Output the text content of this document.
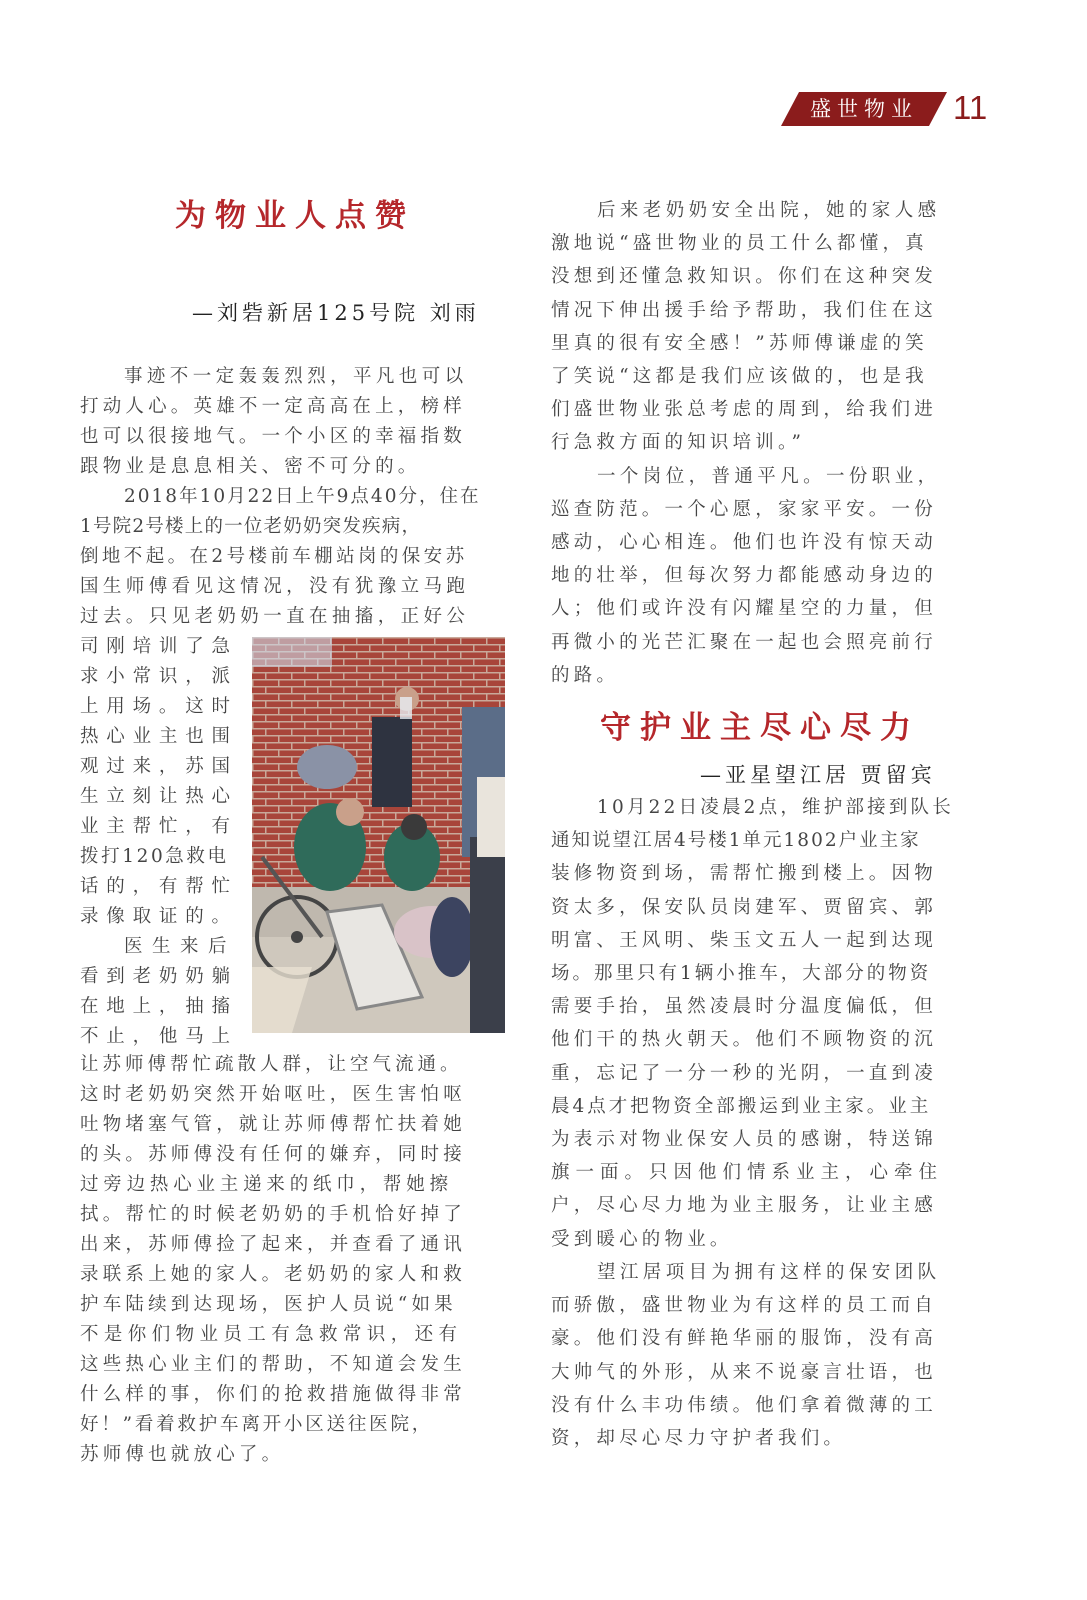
盛世物业 11
为物业人点赞
—刘砦新居125号院 刘雨
事迹不一定轰轰烈烈，平凡也可以
打动人心。英雄不一定高高在上，榜样
也可以很接地气。一个小区的幸福指数
跟物业是息息相关、密不可分的。
2018年10月22日上午9点40分，住在
1号院2号楼上的一位老奶奶突发疾病，
倒地不起。在2号楼前车棚站岗的保安苏
国生师傅看见这情况，没有犹豫立马跑
过去。只见老奶奶一直在抽搐，正好公
司刚培训了急
求小常识，派
上用场。这时
热心业主也围
观过来，苏国
生立刻让热心
业主帮忙，有
拨打120急救电
话的，有帮忙
录像取证的。
医生来后
看到老奶奶躺
在地上，抽搐
不止，他马上
让苏师傅帮忙疏散人群，让空气流通。
这时老奶奶突然开始呕吐，医生害怕呕
吐物堵塞气管，就让苏师傅帮忙扶着她
的头。苏师傅没有任何的嫌弃，同时接
过旁边热心业主递来的纸巾，帮她擦
拭。帮忙的时候老奶奶的手机恰好掉了
出来，苏师傅捡了起来，并查看了通讯
录联系上她的家人。老奶奶的家人和救
护车陆续到达现场，医护人员说“如果
不是你们物业员工有急救常识，还有
这些热心业主们的帮助，不知道会发生
什么样的事，你们的抢救措施做得非常
好！”看着救护车离开小区送往医院，
苏师傅也就放心了。
后来老奶奶安全出院，她的家人感
激地说“盛世物业的员工什么都懂，真
没想到还懂急救知识。你们在这种突发
情况下伸出援手给予帮助，我们住在这
里真的很有安全感！”苏师傅谦虚的笑
了笑说“这都是我们应该做的，也是我
们盛世物业张总考虑的周到，给我们进
行急救方面的知识培训。”
一个岗位，普通平凡。一份职业，
巡查防范。一个心愿，家家平安。一份
感动，心心相连。他们也许没有惊天动
地的壮举，但每次努力都能感动身边的
人；他们或许没有闪耀星空的力量，但
再微小的光芒汇聚在一起也会照亮前行
的路。
守护业主尽心尽力
—亚星望江居 贾留宾
10月22日凌晨2点，维护部接到队长
通知说望江居4号楼1单元1802户业主家
装修物资到场，需帮忙搬到楼上。因物
资太多，保安队员岗建军、贾留宾、郭
明富、王风明、柴玉文五人一起到达现
场。那里只有1辆小推车，大部分的物资
需要手抬，虽然凌晨时分温度偏低，但
他们干的热火朝天。他们不顾物资的沉
重，忘记了一分一秒的光阴，一直到凌
晨4点才把物资全部搬运到业主家。业主
为表示对物业保安人员的感谢，特送锦
旗一面。只因他们情系业主，心牵住
户，尽心尽力地为业主服务，让业主感
受到暖心的物业。
望江居项目为拥有这样的保安团队
而骄傲，盛世物业为有这样的员工而自
豪。他们没有鲜艳华丽的服饰，没有高
大帅气的外形，从来不说豪言壮语，也
没有什么丰功伟绩。他们拿着微薄的工
资，却尽心尽力守护者我们。
